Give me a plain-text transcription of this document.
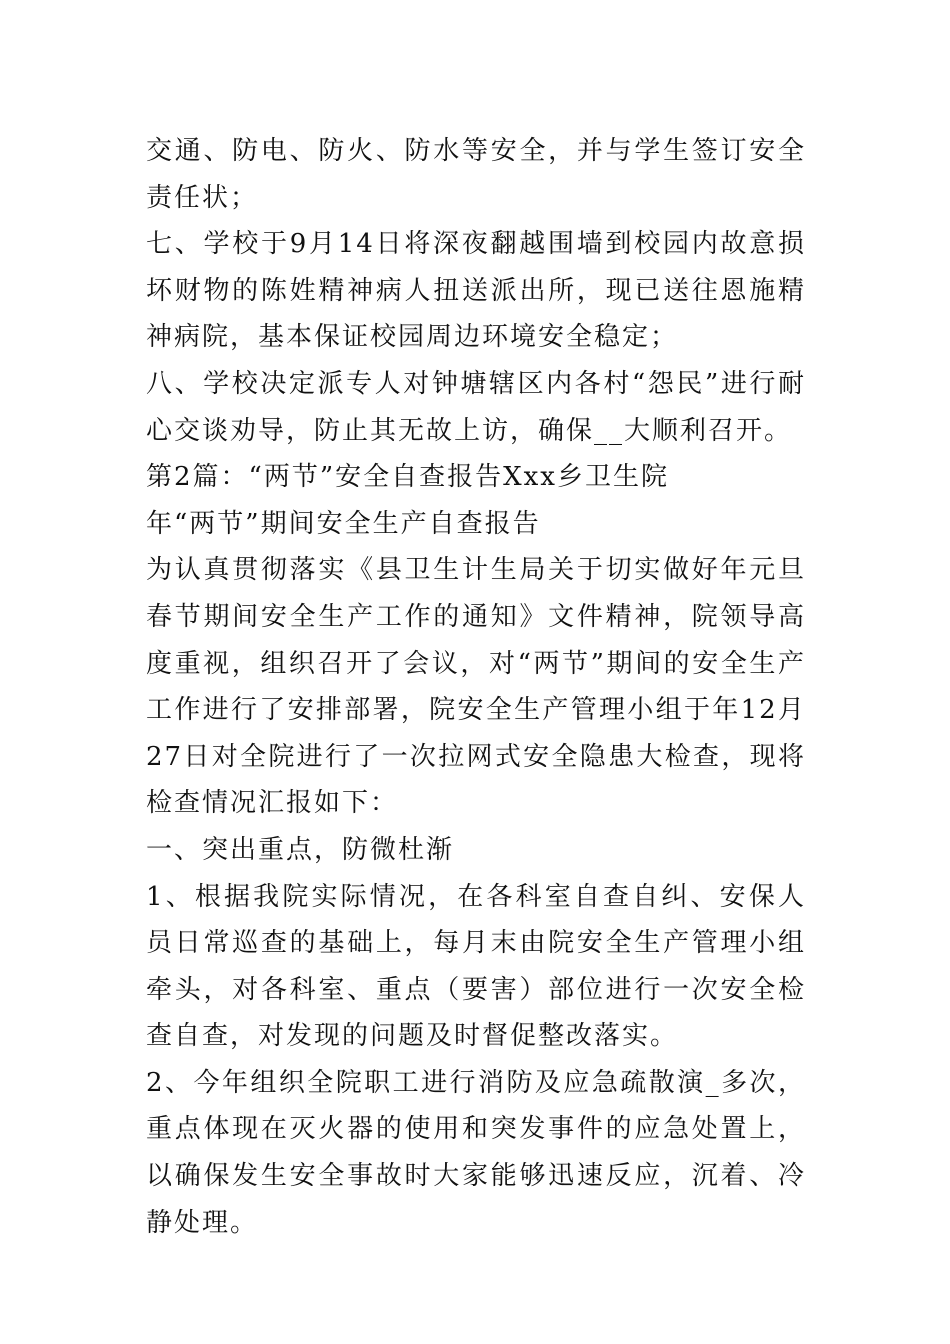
交通、防电、防火、防水等安全，并与学生签订安全责任状；

七、学校于9月14日将深夜翻越围墙到校园内故意损坏财物的陈姓精神病人扭送派出所，现已送往恩施精神病院，基本保证校园周边环境安全稳定；

八、学校决定派专人对钟塘辖区内各村“怨民”进行耐心交谈劝导，防止其无故上访，确保__大顺利召开。

第2篇：“两节”安全自查报告Xxx乡卫生院

年“两节”期间安全生产自查报告

为认真贯彻落实《县卫生计生局关于切实做好年元旦春节期间安全生产工作的通知》文件精神，院领导高度重视，组织召开了会议，对“两节”期间的安全生产工作进行了安排部署，院安全生产管理小组于年12月27日对全院进行了一次拉网式安全隐患大检查，现将检查情况汇报如下：

一、突出重点，防微杜渐

1、根据我院实际情况，在各科室自查自纠、安保人员日常巡查的基础上，每月末由院安全生产管理小组牵头，对各科室、重点（要害）部位进行一次安全检查自查，对发现的问题及时督促整改落实。

2、今年组织全院职工进行消防及应急疏散演_多次，重点体现在灭火器的使用和突发事件的应急处置上，以确保发生安全事故时大家能够迅速反应，沉着、冷静处理。
